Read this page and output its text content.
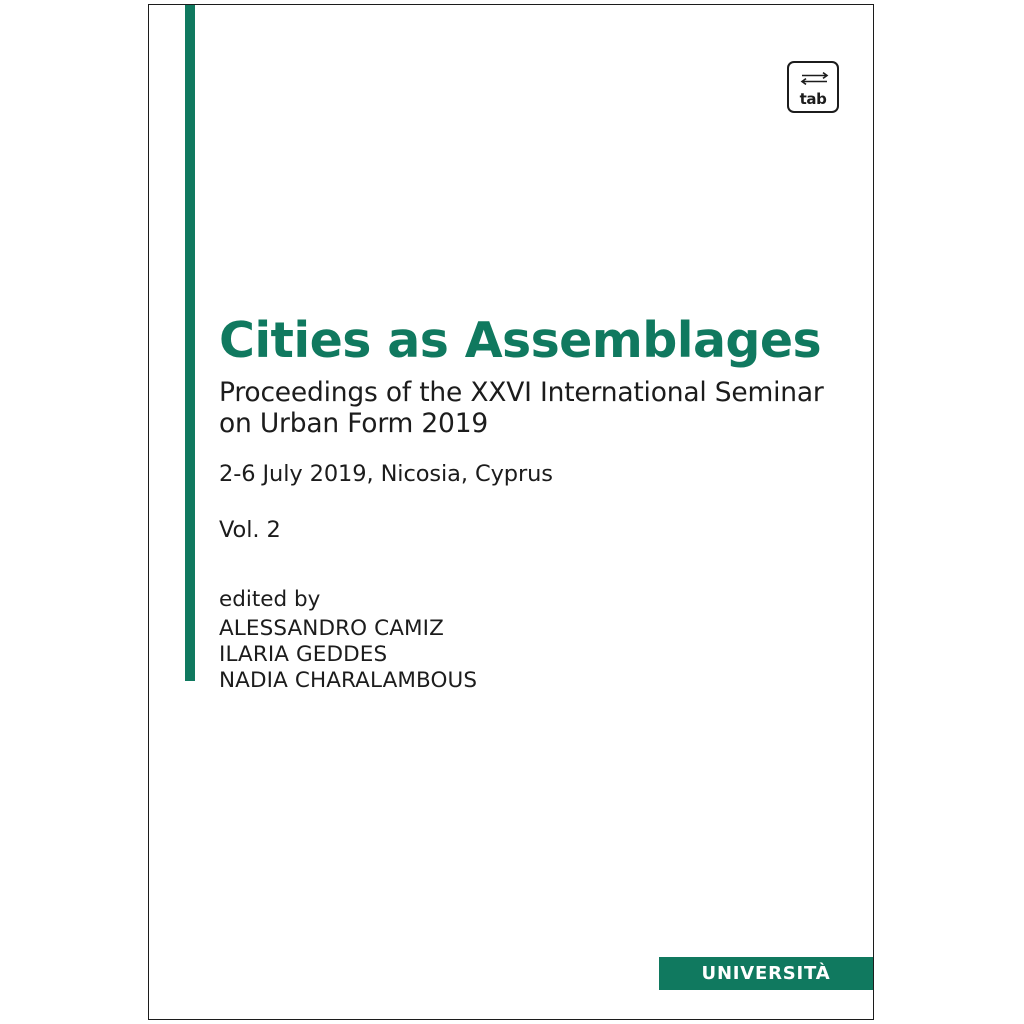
tab
Cities as Assemblages
Proceedings of the XXVI International Seminar
on Urban Form 2019
2-6 July 2019, Nicosia, Cyprus
Vol. 2
edited by
ALESSANDRO CAMIZ
ILARIA GEDDES
NADIA CHARALAMBOUS
UNIVERSITÀ
